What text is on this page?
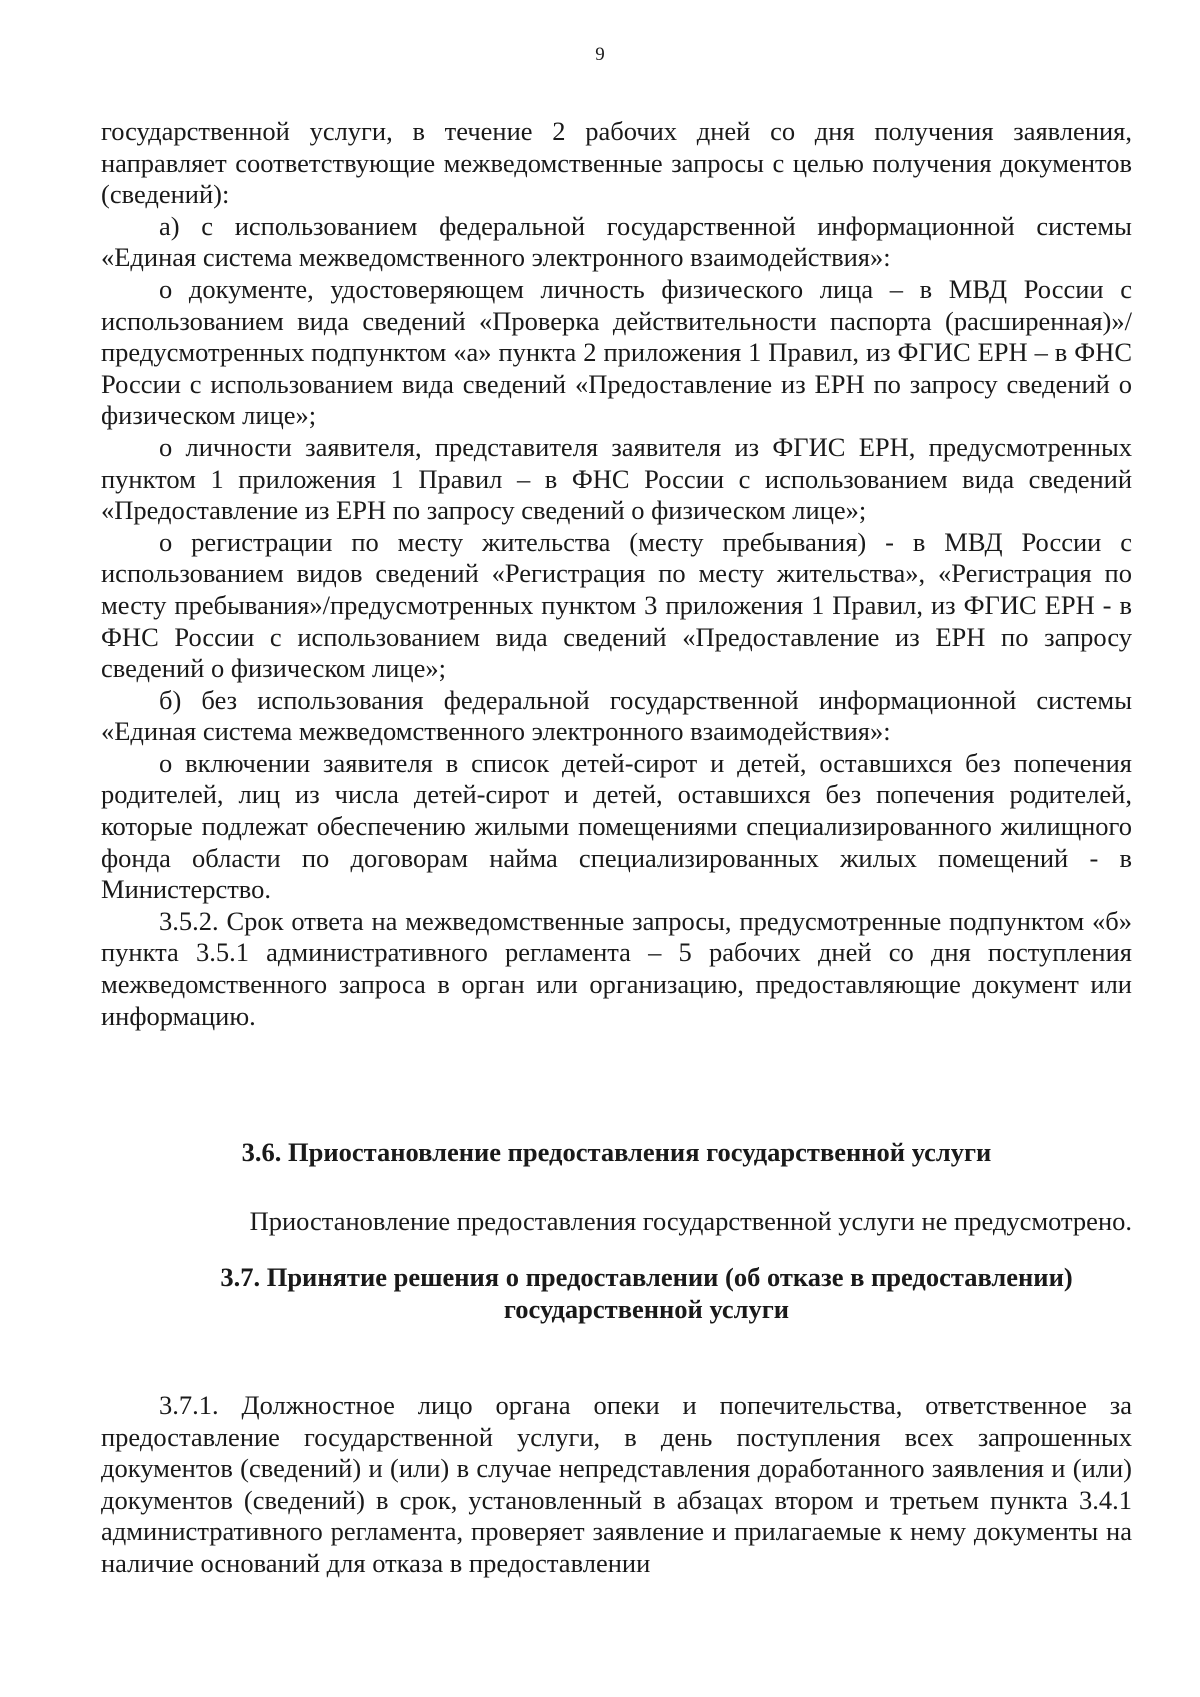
9

государственной услуги, в течение 2 рабочих дней со дня получения заявления, направляет соответствующие межведомственные запросы с целью получения документов (сведений):

а) с использованием федеральной государственной информационной системы «Единая система межведомственного электронного взаимодействия»:

о документе, удостоверяющем личность физического лица – в МВД России с использованием вида сведений «Проверка действительности паспорта (расширенная)»/предусмотренных подпунктом «а» пункта 2 приложения 1 Правил, из ФГИС ЕРН – в ФНС России с использованием вида сведений «Предоставление из ЕРН по запросу сведений о физическом лице»;

о личности заявителя, представителя заявителя из ФГИС ЕРН, предусмотренных пунктом 1 приложения 1 Правил – в ФНС России с использованием вида сведений «Предоставление из ЕРН по запросу сведений о физическом лице»;

о регистрации по месту жительства (месту пребывания) - в МВД России с использованием видов сведений «Регистрация по месту жительства», «Регистрация по месту пребывания»/предусмотренных пунктом 3 приложения 1 Правил, из ФГИС ЕРН - в ФНС России с использованием вида сведений «Предоставление из ЕРН по запросу сведений о физическом лице»;

б) без использования федеральной государственной информационной системы «Единая система межведомственного электронного взаимодействия»:

о включении заявителя в список детей-сирот и детей, оставшихся без попечения родителей, лиц из числа детей-сирот и детей, оставшихся без попечения родителей, которые подлежат обеспечению жилыми помещениями специализированного жилищного фонда области по договорам найма специализированных жилых помещений - в Министерство.

3.5.2. Срок ответа на межведомственные запросы, предусмотренные подпунктом «б» пункта 3.5.1 административного регламента – 5 рабочих дней со дня поступления межведомственного запроса в орган или организацию, предоставляющие документ или информацию.

3.6. Приостановление предоставления государственной услуги

Приостановление предоставления государственной услуги не предусмотрено.

3.7. Принятие решения о предоставлении (об отказе в предоставлении)
государственной услуги

3.7.1. Должностное лицо органа опеки и попечительства, ответственное за предоставление государственной услуги, в день поступления всех запрошенных документов (сведений) и (или) в случае непредставления доработанного заявления и (или) документов (сведений) в срок, установленный в абзацах втором и третьем пункта 3.4.1 административного регламента, проверяет заявление и прилагаемые к нему документы на наличие оснований для отказа в предоставлении
